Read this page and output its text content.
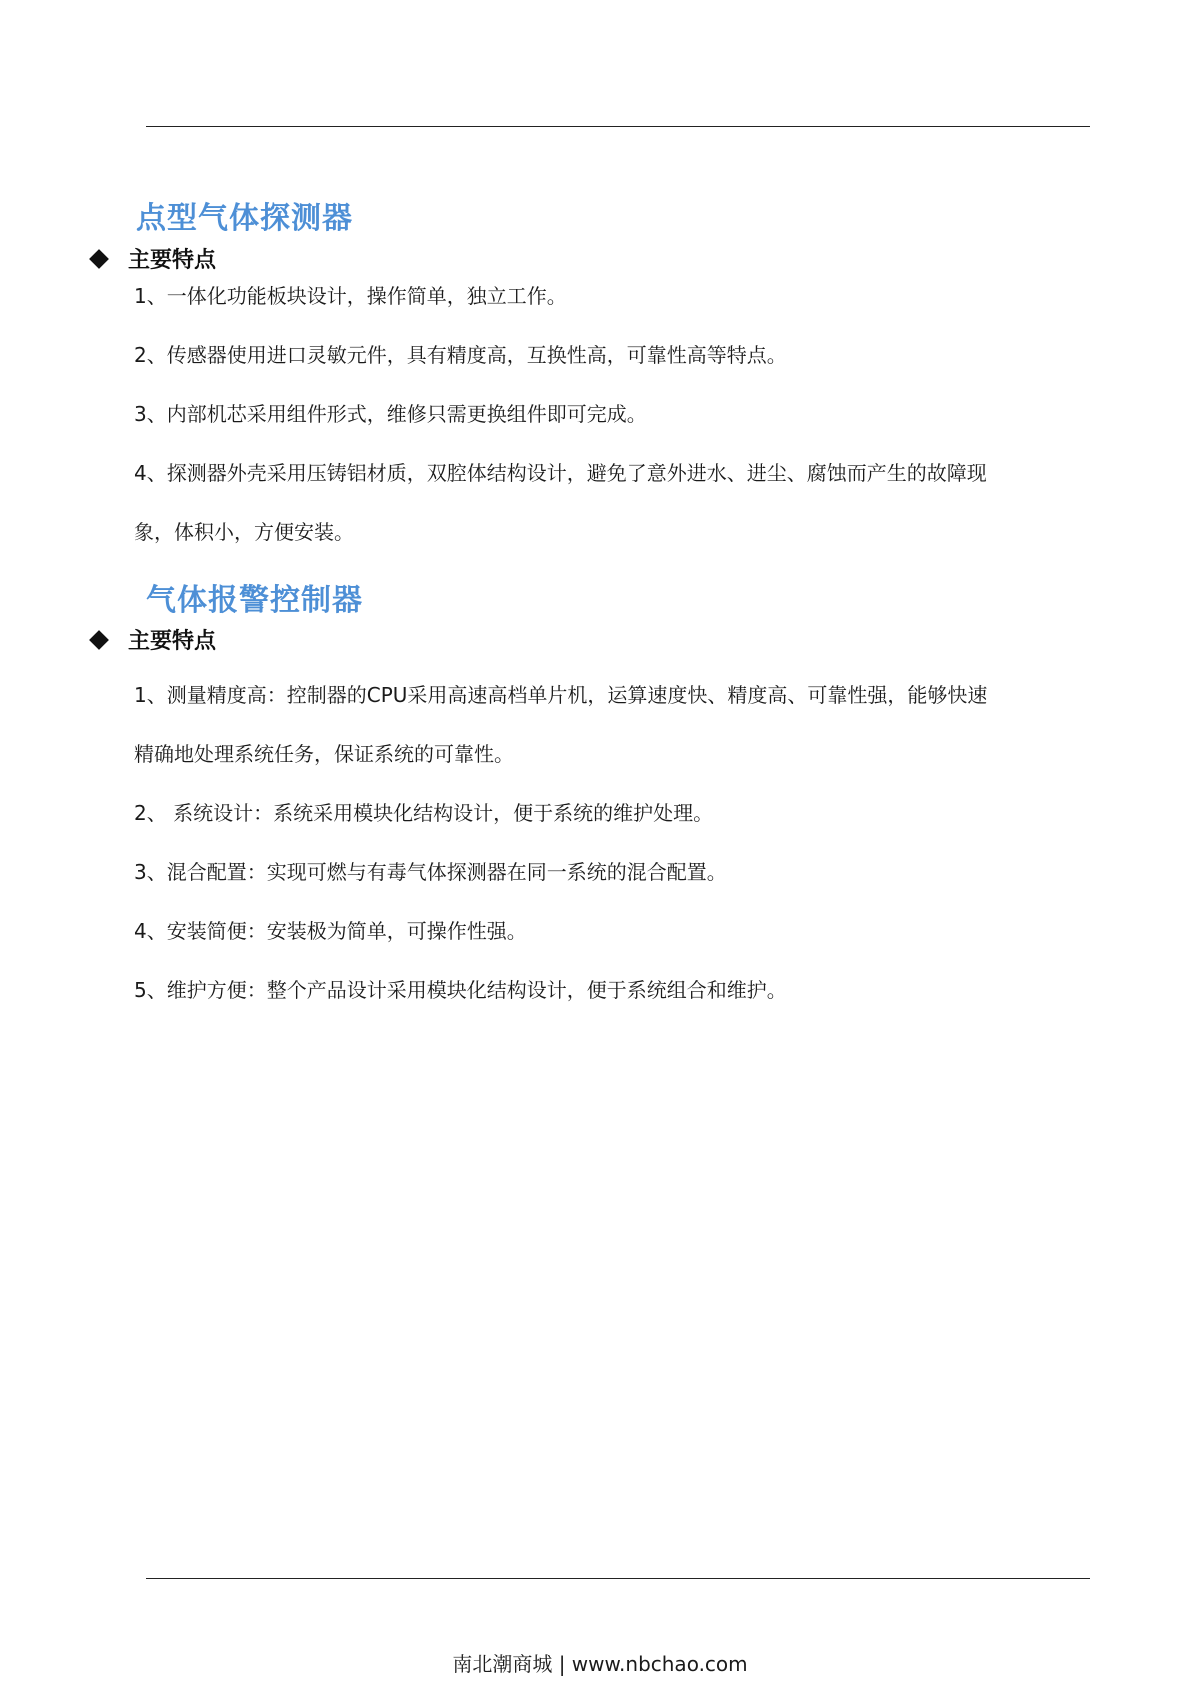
点型气体探测器
主要特点
1、一体化功能板块设计，操作简单，独立工作。
2、传感器使用进口灵敏元件，具有精度高，互换性高，可靠性高等特点。
3、内部机芯采用组件形式，维修只需更换组件即可完成。
4、探测器外壳采用压铸铝材质，双腔体结构设计，避免了意外进水、进尘、腐蚀而产生的故障现
象，体积小，方便安装。
气体报警控制器
主要特点
1、测量精度高：控制器的CPU采用高速高档单片机，运算速度快、精度高、可靠性强，能够快速
精确地处理系统任务，保证系统的可靠性。
2、 系统设计：系统采用模块化结构设计，便于系统的维护处理。
3、混合配置：实现可燃与有毒气体探测器在同一系统的混合配置。
4、安装简便：安装极为简单，可操作性强。
5、维护方便：整个产品设计采用模块化结构设计，便于系统组合和维护。
南北潮商城 | www.nbchao.com
